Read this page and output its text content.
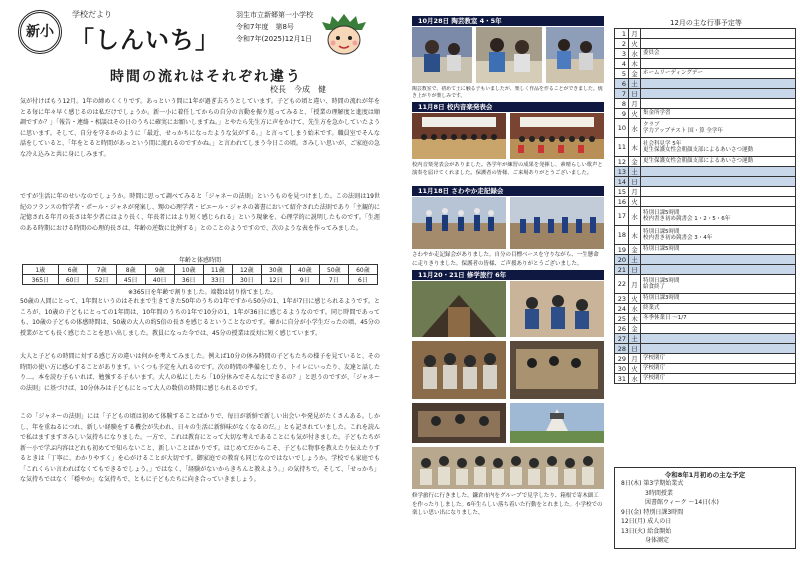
新小
学校だより
「しんいち」
羽生市立新郷第一小学校
令和7年度　第8号
令和7年(2025)12月1日
時間の流れはそれぞれ違う
校長　今成　健
気が付けばもう12月。1年の締めくくりです。あっという間に1年が過ぎ去ろうとしています。子どもの頃と違い、時間の流れが年をとる毎に年々早く感じるのは私だけでしょうか。新一小に着任してからの自分の言動を振り返ってみると、「授業の理解度と進度は順調ですか？」「報告・連絡・相談はその日のうちに確実にお願いしますね。」とやたら先生方に声をかけて、先生方を急かしていたように思います。そして、自分を守るかのように「最近、せっかちになったような気がする。」と言ってしまう始末です。職員室でそんな話をしていると、「年をとると時間があっという間に流れるのですかね。」と言われてしまう今日この頃。さみしい思いが、ご家庭の急な冷え込みと共に身にしみます。
ですが生活に年のせいなのでしょうか。時間に思って調べてみると「ジャネーの法則」というものを見つけました。この法則は19世紀のフランスの哲学者・ポール・ジャネが発案し、甥の心理学者・ピエール・ジャネの著書において紹介された法則であり「主観的に記憶される年月の長さは年少者にはより長く、年長者にはより短く感じられる」という現象を、心理学的に説明したものです。「生涯のある時期における時間の心理的長さは、年齢の逆数に比例する」とのことのようですので、次のような表を作ってみました。
年齢と体感時間											
1歳	6歳	7歳	8歳	9歳	10歳	11歳	12歳	30歳	40歳	50歳	60歳
365日	60日	52日	45日	40日	36日	33日	30日	12日	9日	7日	6日
※365日を年齢で割りました。端数は切り捨てました。
50歳の人間にとって、1年間というのはそれまで生きてきた50年のうちの1年ですから50分の1、1年が7日に感じられるようです。ところが、10歳の子どもにとっての1年間は、10年間のうちの1年で10分の1、1年が36日に感じるようなのです。同じ時間であっても、10歳の子どもの体感時間は、50歳の大人の約5倍の長さを感じるということなのです。確かに自分が小学生だったの頃、45分の授業がとても長く感じたことを思い出しました。教員になった今では、45分の授業は反対に短く感じています。
大人と子どもの時間に対する感じ方の違いは何かを考えてみました。例えば10分の休み時間の子どもたちの様子を見ていると、その時間の使い方に感心することがあります。いくつも予定を入れるのです。次の時間の準備をしたり、トイレにいったり、友達と話したり…。本を読む子もいれば、勉強する子もいます。大人の私にしたら「10分休みでそんなにできるの？」と思うのですが、「ジャネーの法則」に基づけば、10分休みは子どもにとって大人の数倍の時間に感じられるのです。
この「ジャネーの法則」には「子どもの頃は初めて体験することばかりで、毎日が新鮮で新しい出会いや発見がたくさんある。しかし、年を重ねるにつれ、新しい経験をする機会が失われ、日々の生活に新鮮味がなくなるのだ。」とも記されていました。これを読んで私はますますさみしい気持ちになりました。一方で、これは教育にとって大切な考えであることにも気が付きました。子どもたちが新一小で学ぶ内容はどれも初めてで知らないこと、新しいことばかりです。はじめてだからこそ、子どもに物事を教えたり伝えたりするときは「丁寧に、わかりやすく」を心がけることが大切です。御家庭での教育も同じなのではないでしょうか。学校でも家庭でも「これくらい言わればなくてもできるでしょう。」ではなく、「経験がないからきちんと教えよう。」の気持ちで。そして、「せっかち」な気持ちではなく「穏やか」な気持ちで、ともに子どもたちに向き合っていきましょう。
10月28日 陶芸教室 4・5年
陶芸教室で、初めて土に触る子もいましたが、楽しく作品を作ることができました。焼き上がりが楽しみです。
11月8日 校内音楽発表会
校内音楽発表会がありました。各学年が練習の成果を発揮し、素晴らしい歌声と演奏を届けてくれました。保護者の皆様、ご来場ありがとうございました。
11月18日 さわやか走記録会
さわやか走記録会がありました。自分の目標ベースを守りながら、一生懸命に走りきりました。保護者の皆様、ご声援ありがとうございました。
11月20・21日 修学旅行 6年
修学旅行に行きました。鎌倉市内をグループで見学したり、箱根で寄木細工を作ったりしました。6年生らしい落ち着いた行動をとれました。小学校での楽しい思い出になりました。
12月の主な行事予定等
1	月	
2	火	
3	水	委員会
4	木	
5	金	ホームリーディングデー
6	土	
7	日	
8	月	
9	火	集金所学習
10	水	クラブ
学力アップテスト 国・算 全学年
11	木	社会科見学 5年
更生保護女性会朝顔支部によるあいさつ運動
12	金	更生保護女性会朝顔支部によるあいさつ運動
13	土	
14	日	
15	月	
16	火	
17	水	特別日課5時間
校内書き初め競書会 1・2・5・6年
18	木	特別日課5時間
校内書き初め競書会 3・4年
19	金	特別日課5時間
20	土	
21	日	
22	月	特別日課5時間
給食終了
23	火	特別日課3時間
24	水	終業式
25	木	冬季休業日 ～1/7
26	金	
27	土	
28	日	
29	月	学校閉庁
30	火	学校閉庁
31	水	学校閉庁
令和8年1月初めの主な予定
8日(木) 第3学期始業式
　　　　3時間授業
　　　　図書館ウィーク ～14日(水)
9日(金) 特別日課3時間
12日(月) 成人の日
13日(火) 給食開始
　　　　身体測定
